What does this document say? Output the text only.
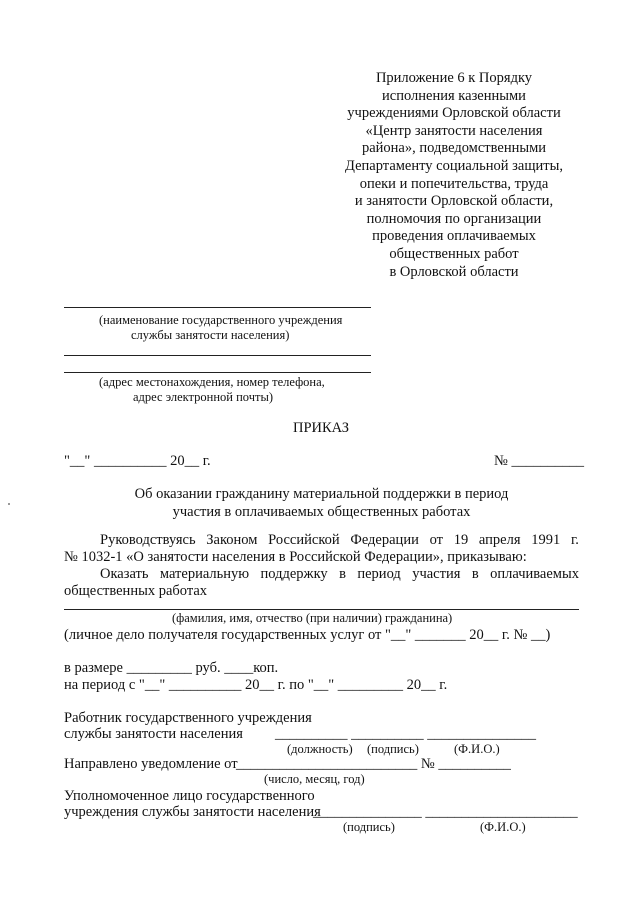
Приложение 6 к Порядку
исполнения казенными
учреждениями Орловской области
«Центр занятости населения
района», подведомственными
Департаменту социальной защиты,
опеки и попечительства, труда
и занятости Орловской области,
полномочия по организации
проведения оплачиваемых
общественных работ
в Орловской области
(наименование государственного учреждения
службы занятости населения)
(адрес местонахождения, номер телефона,
адрес электронной почты)
ПРИКАЗ
"__" __________ 20__ г.	№ __________
Об оказании гражданину материальной поддержки в период
участия в оплачиваемых общественных работах
Руководствуясь Законом Российской Федерации от 19 апреля 1991 г.
№ 1032-1 «О занятости населения в Российской Федерации», приказываю:
Оказать материальную поддержку в период участия в оплачиваемых
общественных работах
(фамилия, имя, отчество (при наличии) гражданина)
(личное дело получателя государственных услуг от "__" _______ 20__ г. № __)
в размере _________ руб. ____коп.
на период с "__" __________ 20__ г. по "__" _________ 20__ г.
Работник государственного учреждения
службы занятости населения __________ __________ _______________
(должность) (подпись)	(Ф.И.О.)
Направлено уведомление от
_________________________ № __________
(число, месяц, год)
Уполномоченное лицо государственного
учреждения службы занятости населения
_______________ _____________________
(подпись)	(Ф.И.О.)
